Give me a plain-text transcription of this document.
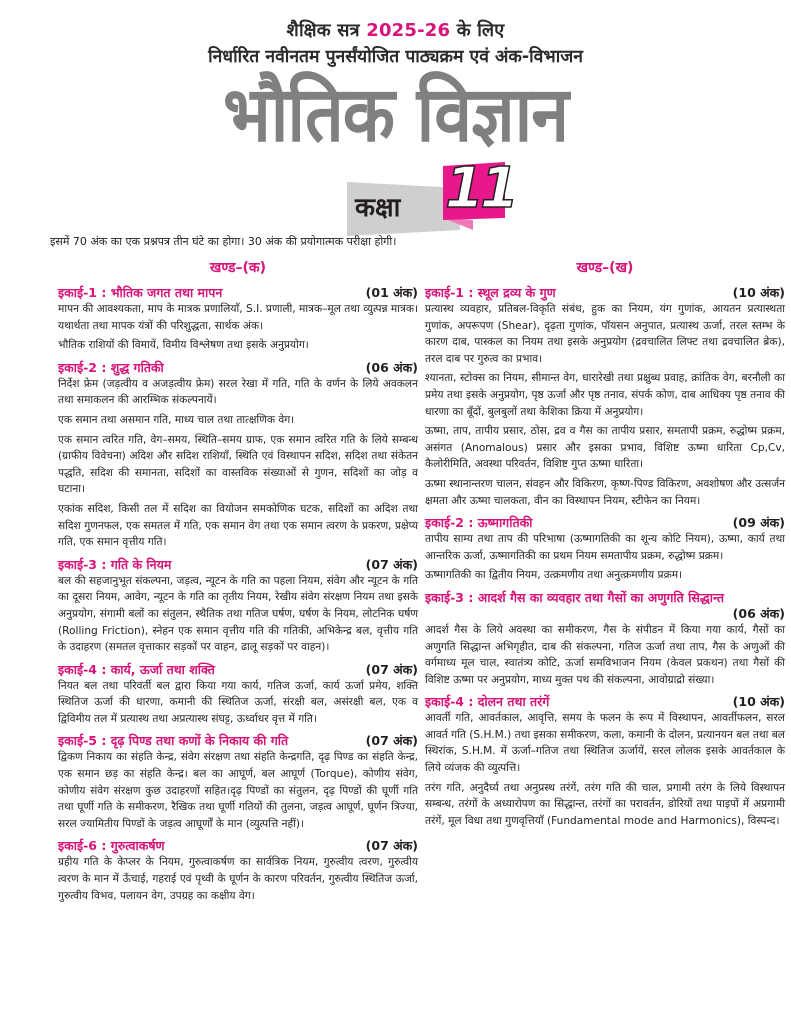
शैक्षिक सत्र 2025-26 के लिए
निर्धारित नवीनतम पुनर्संयोजित पाठ्यक्रम एवं अंक-विभाजन
भौतिक विज्ञान
कक्षा 11
इसमें 70 अंक का एक प्रश्नपत्र तीन घंटे का होगा। 30 अंक की प्रयोगात्मक परीक्षा होगी।
खण्ड–(क)
इकाई-1 : भौतिक जगत तथा मापन	(01 अंक)

मापन की आवश्यकता, माप के मात्रक प्रणालियाँ, S.I. प्रणाली, मात्रक–मूल तथा व्युत्पन्न मात्रक। यथार्थता तथा मापक यंत्रों की परिशुद्धता, सार्थक अंक।

भौतिक राशियों की विमायें, विमीय विश्लेषण तथा इसके अनुप्रयोग।

इकाई-2 : शुद्ध गतिकी	(06 अंक)

निर्देश फ्रेम (जड़त्वीय व अजड़त्वीय फ्रेम) सरल रेखा में गति, गति के वर्णन के लिये अवकलन तथा समाकलन की आरम्भिक संकल्पनायें।

एक समान तथा असमान गति, माध्य चाल तथा तात्क्षणिक वेग।

एक समान त्वरित गति, वेग–समय, स्थिति–समय ग्राफ, एक समान त्वरित गति के लिये सम्बन्ध (ग्राफीय विवेचना) अदिश और सदिश राशियाँ, स्थिति एवं विस्थापन सदिश, सदिश तथा संकेतन पद्धति, सदिश की समानता, सदिशों का वास्तविक संख्याओं से गुणन, सदिशों का जोड़ व घटाना।

एकांक सदिश, किसी तल में सदिश का वियोजन समकोणिक घटक, सदिशों का अदिश तथा सदिश गुणनफल, एक समतल में गति, एक समान वेग तथा एक समान त्वरण के प्रकरण, प्रक्षेप्य गति, एक समान वृत्तीय गति।

इकाई-3 : गति के नियम	(07 अंक)

बल की सहजानुभूत संकल्पना, जड़त्व, न्यूटन के गति का पहला नियम, संवेग और न्यूटन के गति का दूसरा नियम, आवेग, न्यूटन के गति का तृतीय नियम, रेखीय संवेग संरक्षण नियम तथा इसके अनुप्रयोग, संगामी बलों का संतुलन, स्थैतिक तथा गतिज घर्षण, घर्षण के नियम, लोटनिक घर्षण (Rolling Friction), स्नेहन एक समान वृत्तीय गति की गतिकी, अभिकेन्द्र बल, वृत्तीय गति के उदाहरण (समतल वृत्ताकार सड़कों पर वाहन, ढालू सड़कों पर वाहन)।

इकाई-4 : कार्य, ऊर्जा तथा शक्ति	(07 अंक)

नियत बल तथा परिवर्ती बल द्वारा किया गया कार्य, गतिज ऊर्जा, कार्य ऊर्जा प्रमेय, शक्ति स्थितिज ऊर्जा की धारणा, कमानी की स्थितिज ऊर्जा, संरक्षी बल, असंरक्षी बल, एक व द्विविमीय तल में प्रत्यास्थ तथा अप्रत्यास्थ संघट्ट, ऊर्ध्वाधर वृत्त में गति।

इकाई-5 : दृढ़ पिण्ड तथा कणों के निकाय की गति	(07 अंक)

द्विकण निकाय का संहति केन्द्र, संवेग संरक्षण तथा संहति केन्द्रगति, दृढ़ पिण्ड का संहति केन्द्र, एक समान छड़ का संहति केन्द्र। बल का आघूर्ण, बल आघूर्ण (Torque), कोणीय संवेग, कोणीय संवेग संरक्षण कुछ उदाहरणों सहित।दृढ़ पिण्डों का संतुलन, दृढ़ पिण्डों की घूर्णी गति तथा घूर्णी गति के समीकरण, रैखिक तथा घूर्णी गतियों की तुलना, जड़त्व आघूर्ण, घूर्णन त्रिज्या, सरल ज्यामितीय पिण्डों के जड़त्व आघूर्णों के मान (व्युत्पत्ति नहीं)।

इकाई-6 : गुरुत्वाकर्षण	(07 अंक)

ग्रहीय गति के केप्लर के नियम, गुरुत्वाकर्षण का सार्वत्रिक नियम, गुरुत्वीय त्वरण, गुरुत्वीय त्वरण के मान में ऊँचाई, गहराई एवं पृथ्वी के घूर्णन के कारण परिवर्तन, गुरुत्वीय स्थितिज ऊर्जा, गुरुत्वीय विभव, पलायन वेग, उपग्रह का कक्षीय वेग।

खण्ड–(ख)
इकाई-1 : स्थूल द्रव्य के गुण	(10 अंक)

प्रत्यास्थ व्यवहार, प्रतिबल-विकृति संबंध, हुक का नियम, यंग गुणांक, आयतन प्रत्यास्थता गुणांक, अपरूपण (Shear), दृढ़ता गुणांक, पॉयसन अनुपात, प्रत्यास्थ ऊर्जा, तरल स्तम्भ के कारण दाब, पास्कल का नियम तथा इसके अनुप्रयोग (द्रवचालित लिफ्ट तथा द्रवचालित ब्रेक), तरल दाब पर गुरुत्व का प्रभाव।

श्यानता, स्टोक्स का नियम, सीमान्त वेग, धारारेखी तथा प्रक्षुब्ध प्रवाह, क्रांतिक वेग, बरनौली का प्रमेय तथा इसके अनुप्रयोग, पृष्ठ ऊर्जा और पृष्ठ तनाव, संपर्क कोण, दाब आधिक्य पृष्ठ तनाव की धारणा का बूँदों, बुलबुलों तथा केशिका क्रिया में अनुप्रयोग।

ऊष्मा, ताप, तापीय प्रसार, ठोस, द्रव व गैस का तापीय प्रसार, समतापी प्रक्रम, रुद्धोष्म प्रक्रम, असंगत (Anomalous) प्रसार और इसका प्रभाव, विशिष्ट ऊष्मा धारिता Cp,Cv, कैलोरीमिति, अवस्था परिवर्तन, विशिष्ट गुप्त ऊष्मा धारिता।

ऊष्मा स्थानान्तरण चालन, संवहन और विकिरण, कृष्ण-पिण्ड विकिरण, अवशोषण और उत्सर्जन क्षमता और ऊष्मा चालकता, वीन का विस्थापन नियम, स्टीफेन का नियम।

इकाई-2 : ऊष्मागतिकी	(09 अंक)

तापीय साम्य तथा ताप की परिभाषा (ऊष्मागतिकी का शून्य कोटि नियम), ऊष्मा, कार्य तथा आन्तरिक ऊर्जा, ऊष्मागतिकी का प्रथम नियम समतापीय प्रक्रम, रुद्धोष्म प्रक्रम।

ऊष्मागतिकी का द्वितीय नियम, उत्क्रमणीय तथा अनुत्क्रमणीय प्रक्रम।

इकाई-3 : आदर्श गैस का व्यवहार तथा गैसों का अणुगति सिद्धान्त
(06 अंक)

आदर्श गैस के लिये अवस्था का समीकरण, गैस के संपीडन में किया गया कार्य, गैसों का अणुगति सिद्धान्त अभिगृहीत, दाब की संकल्पना, गतिज ऊर्जा तथा ताप, गैस के अणुओं की वर्गमाध्य मूल चाल, स्वातंत्र्य कोटि, ऊर्जा समविभाजन नियम (केवल प्रकथन) तथा गैसों की विशिष्ट ऊष्मा पर अनुप्रयोग, माध्य मुक्त पथ की संकल्पना, आवोग्राद्रो संख्या।

इकाई-4 : दोलन तथा तरंगें	(10 अंक)

आवर्ती गति, आवर्तकाल, आवृत्ति, समय के फलन के रूप में विस्थापन, आवर्तीफलन, सरल आवर्त गति (S.H.M.) तथा इसका समीकरण, कला, कमानी के दोलन, प्रत्यानयन बल तथा बल स्थिरांक, S.H.M. में ऊर्जा–गतिज तथा स्थितिज ऊर्जायें, सरल लोलक इसके आवर्तकाल के लिये व्यंजक की व्युत्पत्ति।

तरंग गति, अनुदैर्घ्य तथा अनुप्रस्थ तरंगें, तरंग गति की चाल, प्रगामी तरंग के लिये विस्थापन सम्बन्ध, तरंगों के अध्यारोपण का सिद्धान्त, तरंगों का परावर्तन, डोरियों तथा पाइपों में अप्रगामी तरंगें, मूल विधा तथा गुणवृत्तियाँ (Fundamental mode and Harmonics), विस्पन्द।
